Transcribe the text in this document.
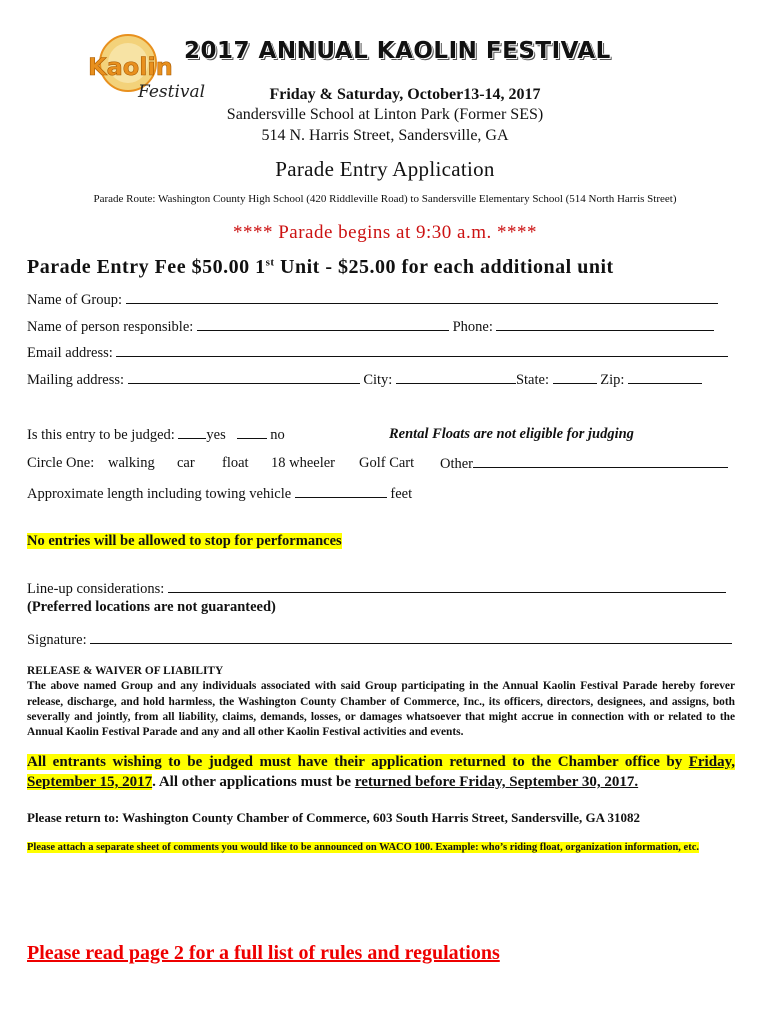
Kaolin
Festival
2017 ANNUAL KAOLIN FESTIVAL
Friday & Saturday, October13-14, 2017
Sandersville School at Linton Park (Former SES)
514 N. Harris Street, Sandersville, GA
Parade Entry Application
Parade Route: Washington County High School (420 Riddleville Road) to Sandersville Elementary School (514 North Harris Street)
**** Parade begins at 9:30 a.m. ****
Parade Entry Fee $50.00 1st Unit - $25.00 for each additional unit
Name of Group:
Name of person responsible:	Phone:
Email address:
Mailing address:	City:	State:	Zip:
Is this entry to be judged: yes	no	Rental Floats are not eligible for judging
Circle One: walking car float 18 wheeler Golf Cart Other
Approximate length including towing vehicle	feet
No entries will be allowed to stop for performances
Line-up considerations:
(Preferred locations are not guaranteed)
Signature:
RELEASE & WAIVER OF LIABILITY
The above named Group and any individuals associated with said Group participating in the Annual Kaolin Festival Parade hereby forever release, discharge, and hold harmless, the Washington County Chamber of Commerce, Inc., its officers, directors, designees, and assigns, both severally and jointly, from all liability, claims, demands, losses, or damages whatsoever that might accrue in connection with or related to the Annual Kaolin Festival Parade and any and all other Kaolin Festival activities and events.
All entrants wishing to be judged must have their application returned to the Chamber office by Friday, September 15, 2017. All other applications must be returned before Friday, September 30, 2017.
Please return to: Washington County Chamber of Commerce, 603 South Harris Street, Sandersville, GA 31082
Please attach a separate sheet of comments you would like to be announced on WACO 100. Example: who’s riding float, organization information, etc.
Please read page 2 for a full list of rules and regulations
